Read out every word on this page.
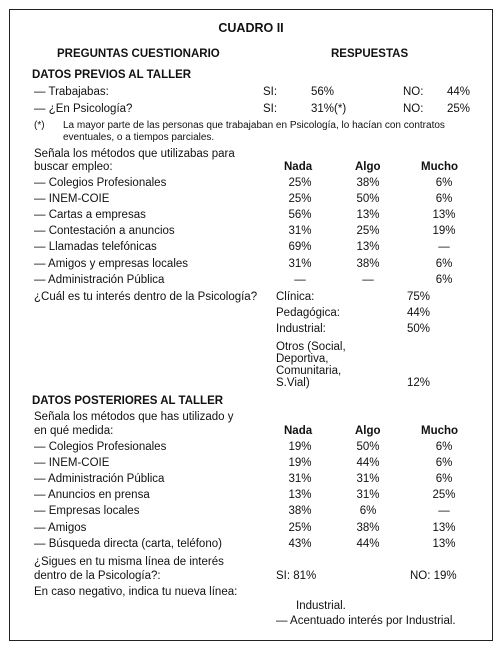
CUADRO II
PREGUNTAS CUESTIONARIO	RESPUESTAS
DATOS PREVIOS AL TALLER
— Trabajabas:	SI:	56%	NO:	44%
— ¿En Psicología?	SI:	31%(*)	NO:	25%
(*) La mayor parte de las personas que trabajaban en Psicología, lo hacían con contratos
eventuales, o a tiempos parciales.
Señala los métodos que utilizabas para
buscar empleo:	Nada	Algo	Mucho
— Colegios Profesionales	25%	38%	6%
— INEM-COIE	25%	50%	6%
— Cartas a empresas	56%	13%	13%
— Contestación a anuncios	31%	25%	19%
— Llamadas telefónicas	69%	13%	—
— Amigos y empresas locales	31%	38%	6%
— Administración Pública	—	—	6%
¿Cuál es tu interés dentro de la Psicología? Clínica:	75%
Pedagógica:	44%
Industrial:	50%
Otros (Social,
Deportiva,
Comunitaria,
S.Vial)	12%
DATOS POSTERIORES AL TALLER
Señala los métodos que has utilizado y
en qué medida:	Nada	Algo	Mucho
— Colegios Profesionales	19%	50%	6%
— INEM-COIE	19%	44%	6%
— Administración Pública	31%	31%	6%
— Anuncios en prensa	13%	31%	25%
— Empresas locales	38%	6%	—
— Amigos	25%	38%	13%
— Búsqueda directa (carta, teléfono)	43%	44%	13%
¿Sigues en tu misma línea de interés
dentro de la Psicología?:	SI: 81%	NO: 19%
En caso negativo, indica tu nueva línea:
Industrial.
— Acentuado interés por Industrial.
